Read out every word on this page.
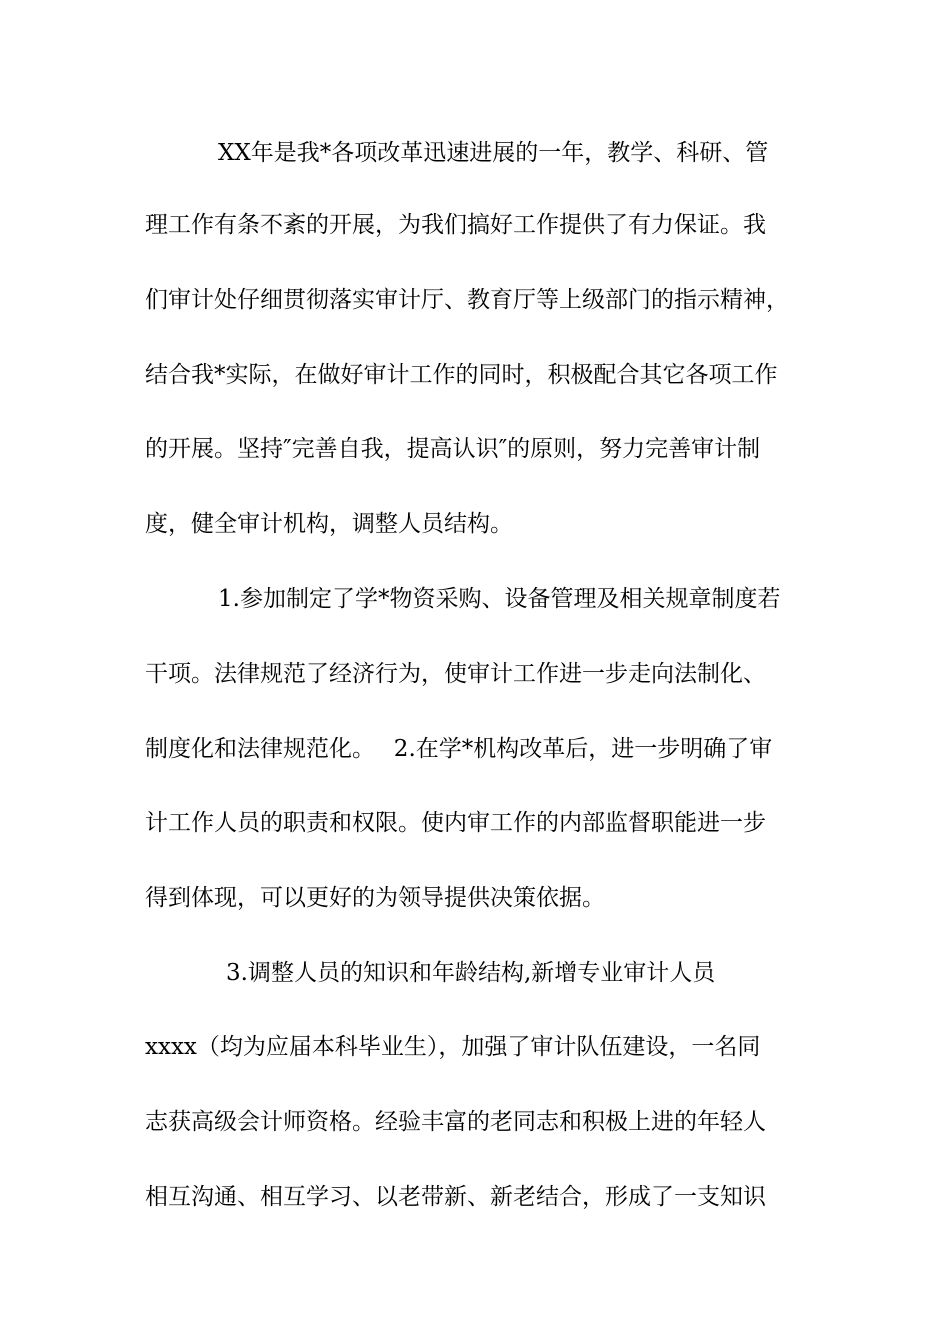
XX年是我*各项改革迅速进展的一年，教学、科研、管
理工作有条不紊的开展，为我们搞好工作提供了有力保证。我
们审计处仔细贯彻落实审计厅、教育厅等上级部门的指示精神，
结合我*实际，在做好审计工作的同时，积极配合其它各项工作
的开展。坚持″完善自我，提高认识″的原则，努力完善审计制
度，健全审计机构，调整人员结构。
1.参加制定了学*物资采购、设备管理及相关规章制度若
干项。法律规范了经济行为，使审计工作进一步走向法制化、
制度化和法律规范化。　 2.在学*机构改革后，进一步明确了审
计工作人员的职责和权限。使内审工作的内部监督职能进一步
得到体现，可以更好的为领导提供决策依据。
3.调整人员的知识和年龄结构,新增专业审计人员
xxxx（均为应届本科毕业生），加强了审计队伍建设，一名同
志获高级会计师资格。经验丰富的老同志和积极上进的年轻人
相互沟通、相互学习、以老带新、新老结合，形成了一支知识
